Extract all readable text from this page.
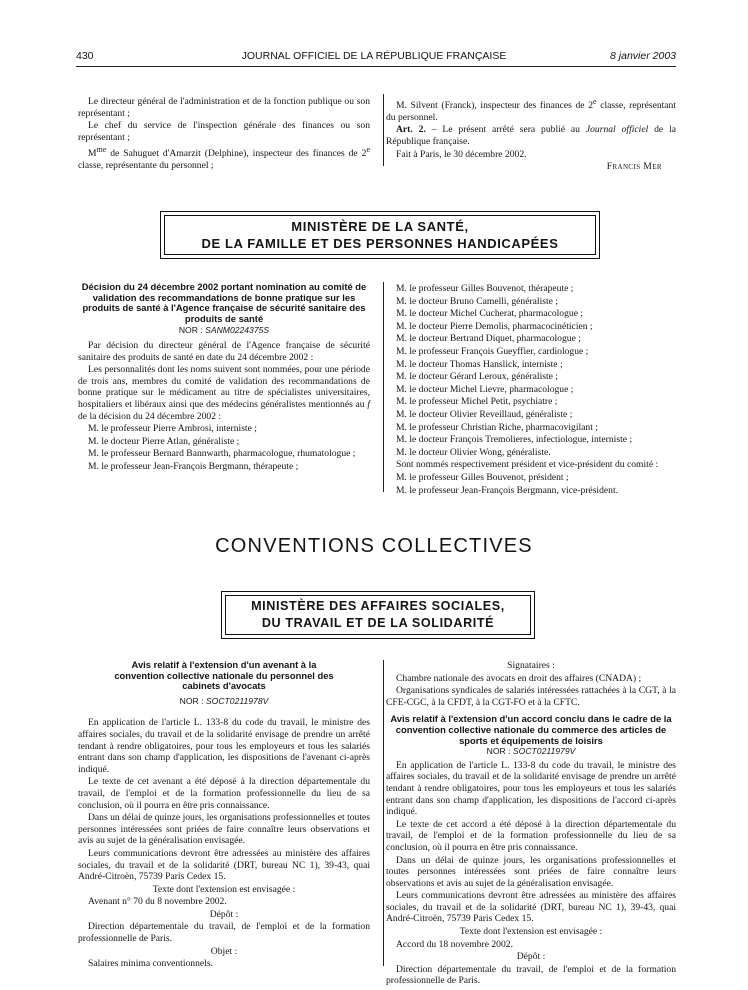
430	JOURNAL OFFICIEL DE LA RÉPUBLIQUE FRANÇAISE	8 janvier 2003

Le directeur général de l'administration et de la fonction publique ou son représentant ;

Le chef du service de l'inspection générale des finances ou son représentant ;

$M^{me}$ de Sahuguet d'Amarzit (Delphine), inspecteur des finances de 2e classe, représentante du personnel ;

M. Silvent (Franck), inspecteur des finances de 2e classe, représentant du personnel.

Art. 2. – Le présent arrêté sera publié au Journal officiel de la République française.

Fait à Paris, le 30 décembre 2002.

Francis Mer

MINISTÈRE DE LA SANTÉ,
DE LA FAMILLE ET DES PERSONNES HANDICAPÉES
Décision du 24 décembre 2002 portant nomination au comité de validation des recommandations de bonne pratique sur les produits de santé à l'Agence française de sécurité sanitaire des produits de santé
NOR : SANM0224375S

Par décision du directeur général de l'Agence française de sécurité sanitaire des produits de santé en date du 24 décembre 2002 :

Les personnalités dont les noms suivent sont nommées, pour une période de trois ans, membres du comité de validation des recommandations de bonne pratique sur le médicament au titre de spécialistes universitaires, hospitaliers et libéraux ainsi que des médecins généralistes mentionnés au f de la décision du 24 décembre 2002 :

M. le professeur Pierre Ambrosi, interniste ;

M. le docteur Pierre Atlan, généraliste ;

M. le professeur Bernard Bannwarth, pharmacologue, rhumatologue ;

M. le professeur Jean-François Bergmann, thérapeute ;

M. le professeur Gilles Bouvenot, thérapeute ;

M. le docteur Bruno Camelli, généraliste ;

M. le docteur Michel Cucherat, pharmacologue ;

M. le docteur Pierre Demolis, pharmacocinéticien ;

M. le docteur Bertrand Diquet, pharmacologue ;

M. le professeur François Gueyffier, cardiologue ;

M. le docteur Thomas Hanslick, interniste ;

M. le docteur Gérard Leroux, généraliste ;

M. le docteur Michel Lievre, pharmacologue ;

M. le professeur Michel Petit, psychiatre ;

M. le docteur Olivier Reveillaud, généraliste ;

M. le professeur Christian Riche, pharmacovigilant ;

M. le docteur François Tremolieres, infectiologue, interniste ;

M. le docteur Olivier Wong, généraliste.

Sont nommés respectivement président et vice-président du comité :

M. le professeur Gilles Bouvenot, président ;

M. le professeur Jean-François Bergmann, vice-président.

CONVENTIONS COLLECTIVES
MINISTÈRE DES AFFAIRES SOCIALES,
DU TRAVAIL ET DE LA SOLIDARITÉ
Avis relatif à l'extension d'un avenant à la convention collective nationale du personnel des cabinets d'avocats
NOR : SOCT0211978V

En application de l'article L. 133-8 du code du travail, le ministre des affaires sociales, du travail et de la solidarité envisage de prendre un arrêté tendant à rendre obligatoires, pour tous les employeurs et tous les salariés entrant dans son champ d'application, les dispositions de l'avenant ci-après indiqué.

Le texte de cet avenant a été déposé à la direction départementale du travail, de l'emploi et de la formation professionnelle du lieu de sa conclusion, où il pourra en être pris connaissance.

Dans un délai de quinze jours, les organisations professionnelles et toutes personnes intéressées sont priées de faire connaître leurs observations et avis au sujet de la généralisation envisagée.

Leurs communications devront être adressées au ministère des affaires sociales, du travail et de la solidarité (DRT, bureau NC 1), 39-43, quai André-Citroën, 75739 Paris Cedex 15.

Texte dont l'extension est envisagée :

Avenant n° 70 du 8 novembre 2002.

Dépôt :

Direction départementale du travail, de l'emploi et de la formation professionnelle de Paris.

Objet :

Salaires minima conventionnels.

Signataires :

Chambre nationale des avocats en droit des affaires (CNADA) ;

Organisations syndicales de salariés intéressées rattachées à la CGT, à la CFE-CGC, à la CFDT, à la CGT-FO et à la CFTC.

Avis relatif à l'extension d'un accord conclu dans le cadre de la convention collective nationale du commerce des articles de sports et équipements de loisirs
NOR : SOCT0211979V

En application de l'article L. 133-8 du code du travail, le ministre des affaires sociales, du travail et de la solidarité envisage de prendre un arrêté tendant à rendre obligatoires, pour tous les employeurs et tous les salariés entrant dans son champ d'application, les dispositions de l'accord ci-après indiqué.

Le texte de cet accord a été déposé à la direction départementale du travail, de l'emploi et de la formation professionnelle du lieu de sa conclusion, où il pourra en être pris connaissance.

Dans un délai de quinze jours, les organisations professionnelles et toutes personnes intéressées sont priées de faire connaître leurs observations et avis au sujet de la généralisation envisagée.

Leurs communications devront être adressées au ministère des affaires sociales, du travail et de la solidarité (DRT, bureau NC 1), 39-43, quai André-Citroën, 75739 Paris Cedex 15.

Texte dont l'extension est envisagée :

Accord du 18 novembre 2002.

Dépôt :

Direction départementale du travail, de l'emploi et de la formation professionnelle de Paris.
